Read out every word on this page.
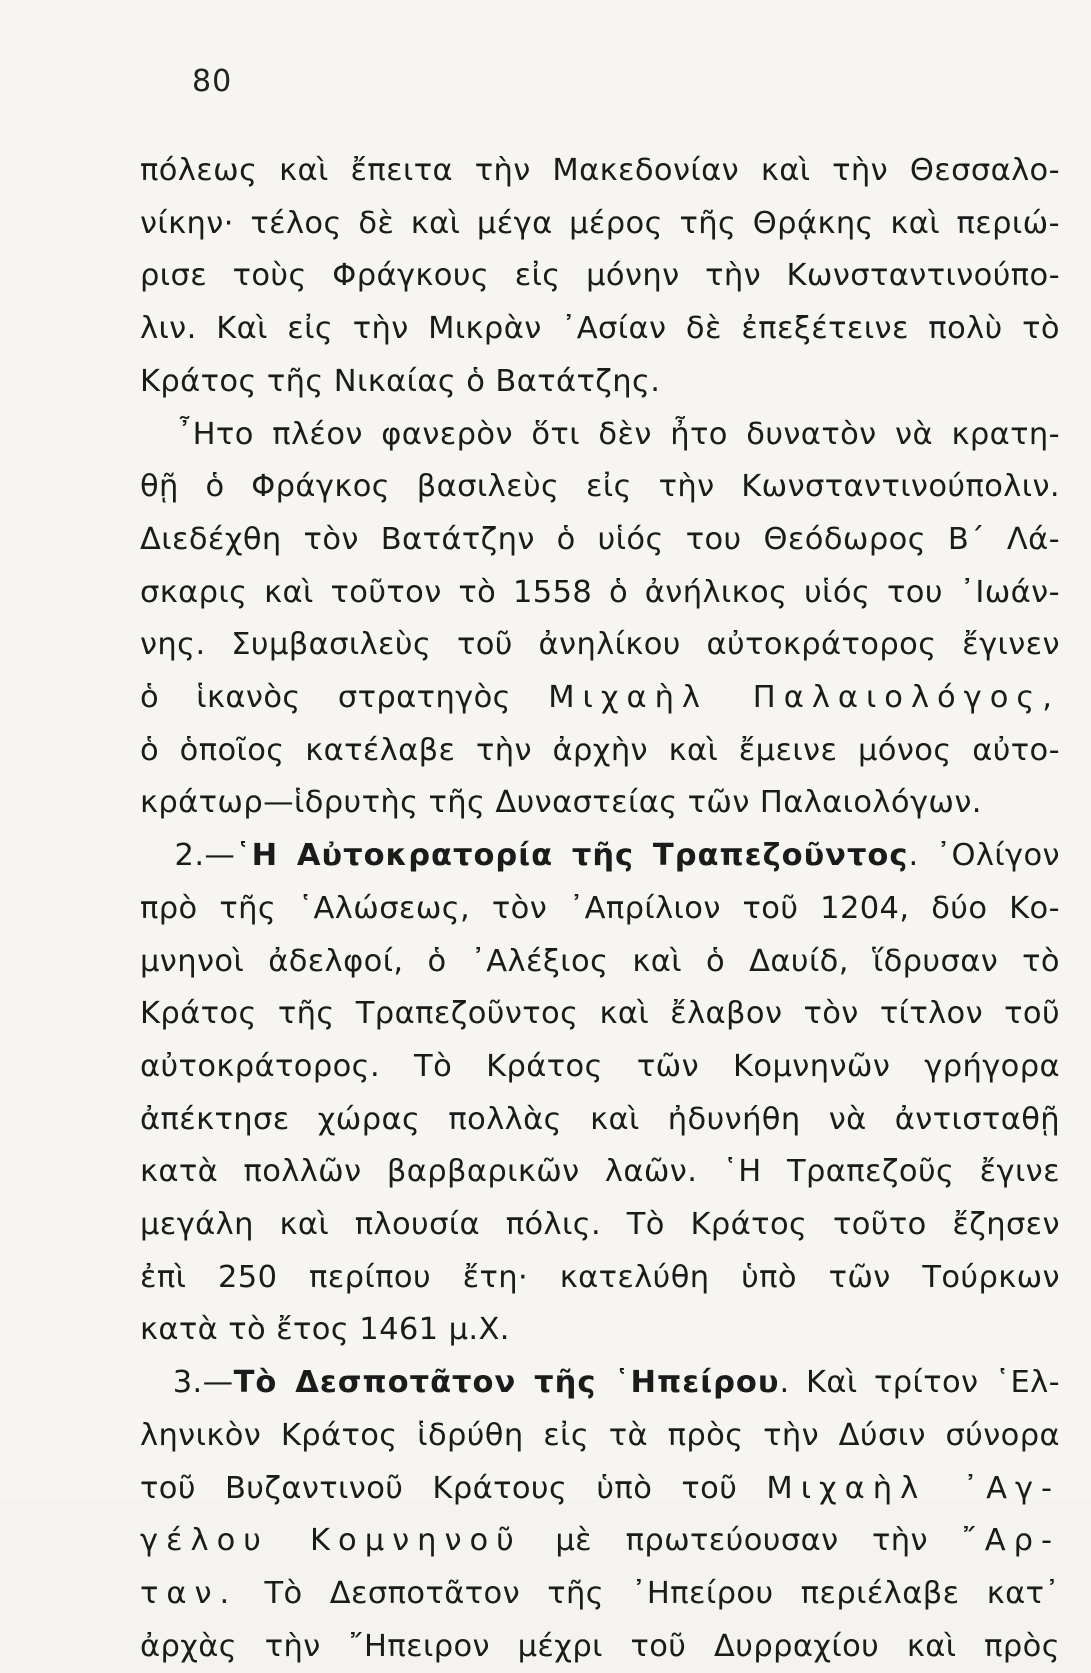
80
πόλεως καὶ ἔπειτα τὴν Μακεδονίαν καὶ τὴν Θεσσαλο-
νίκην· τέλος δὲ καὶ μέγα μέρος τῆς Θρᾴκης καὶ περιώ-
ρισε τοὺς Φράγκους εἰς μόνην τὴν Κωνσταντινούπο-
λιν. Καὶ εἰς τὴν Μικρὰν ᾿Ασίαν δὲ ἐπεξέτεινε πολὺ τὸ
Κράτος τῆς Νικαίας ὁ Βατάτζης.
῏Ητο πλέον φανερὸν ὅτι δὲν ἦτο δυνατὸν νὰ κρατη-
θῇ ὁ Φράγκος βασιλεὺς εἰς τὴν Κωνσταντινούπολιν.
Διεδέχθη τὸν Βατάτζην ὁ υἱός του Θεόδωρος Β΄ Λά-
σκαρις καὶ τοῦτον τὸ 1558 ὁ ἀνήλικος υἱός του ᾿Ιωάν-
νης. Συμβασιλεὺς τοῦ ἀνηλίκου αὐτοκράτορος ἔγινεν
ὁ ἱκανὸς στρατηγὸς Μιχαὴλ Παλαιολόγος,
ὁ ὁποῖος κατέλαβε τὴν ἀρχὴν καὶ ἔμεινε μόνος αὐτο-
κράτωρ—ἱδρυτὴς τῆς Δυναστείας τῶν Παλαιολόγων.
2.—῾Η Αὐτοκρατορία τῆς Τραπεζοῦντος. ᾿Ολίγον
πρὸ τῆς ῾Αλώσεως, τὸν ᾿Απρίλιον τοῦ 1204, δύο Κο-
μνηνοὶ ἀδελφοί, ὁ ᾿Αλέξιος καὶ ὁ Δαυίδ, ἵδρυσαν τὸ
Κράτος τῆς Τραπεζοῦντος καὶ ἔλαβον τὸν τίτλον τοῦ
αὐτοκράτορος. Τὸ Κράτος τῶν Κομνηνῶν γρήγορα
ἀπέκτησε χώρας πολλὰς καὶ ἠδυνήθη νὰ ἀντισταθῇ
κατὰ πολλῶν βαρβαρικῶν λαῶν. ῾Η Τραπεζοῦς ἔγινε
μεγάλη καὶ πλουσία πόλις. Τὸ Κράτος τοῦτο ἔζησεν
ἐπὶ 250 περίπου ἔτη· κατελύθη ὑπὸ τῶν Τούρκων
κατὰ τὸ ἔτος 1461 μ.Χ.
3.—Τὸ Δεσποτᾶτον τῆς ῾Ηπείρου. Καὶ τρίτον ῾Ελ-
ληνικὸν Κράτος ἱδρύθη εἰς τὰ πρὸς τὴν Δύσιν σύνορα
τοῦ Βυζαντινοῦ Κράτους ὑπὸ τοῦ Μιχαὴλ ᾿Αγ-
γέλου Κομνηνοῦ μὲ πρωτεύουσαν τὴν ῎Αρ-
ταν. Τὸ Δεσποτᾶτον τῆς ᾿Ηπείρου περιέλαβε κατ᾿
ἀρχὰς τὴν ῎Ηπειρον μέχρι τοῦ Δυρραχίου καὶ πρὸς
